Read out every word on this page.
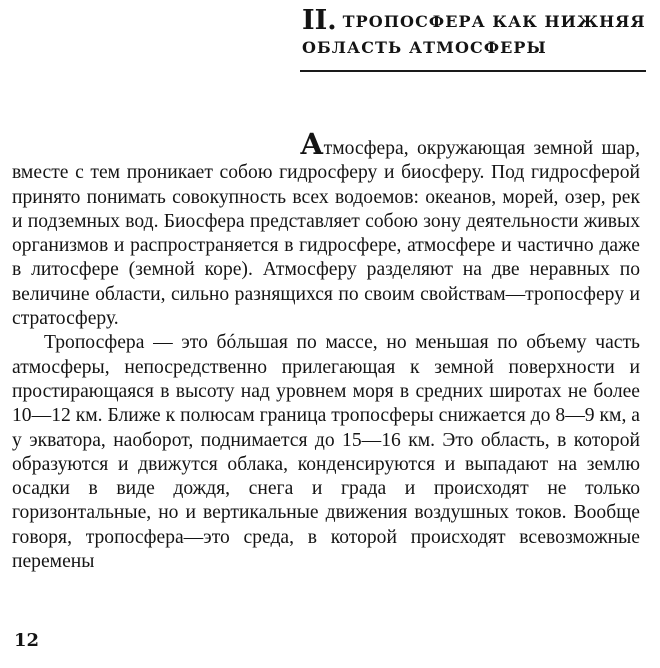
II. ТРОПОСФЕРА КАК НИЖНЯЯ
ОБЛАСТЬ АТМОСФЕРЫ

Атмосфера, окружающая земной шар, вместе с тем проникает собою гидросферу и биосферу. Под гидросферой принято понимать совокупность всех водоемов: океанов, морей, озер, рек и подземных вод. Биосфера представляет собою зону деятельности живых организмов и распространяется в гидросфере, атмосфере и частично даже в литосфере (земной коре). Атмосферу разделяют на две неравных по величине области, сильно разнящихся по своим свойствам—тропосферу и стратосферу.

Тропосфера — это бóльшая по массе, но меньшая по объему часть атмосферы, непосредственно прилегающая к земной поверхности и простирающаяся в высоту над уровнем моря в средних широтах не более 10—12 км. Ближе к полюсам граница тропосферы снижается до 8—9 км, а у экватора, наоборот, поднимается до 15—16 км. Это область, в которой образуются и движутся облака, конденсируются и выпадают на землю осадки в виде дождя, снега и града и происходят не только горизонтальные, но и вертикальные движения воздушных токов. Вообще говоря, тропосфера—это среда, в которой происходят всевозможные перемены

12
